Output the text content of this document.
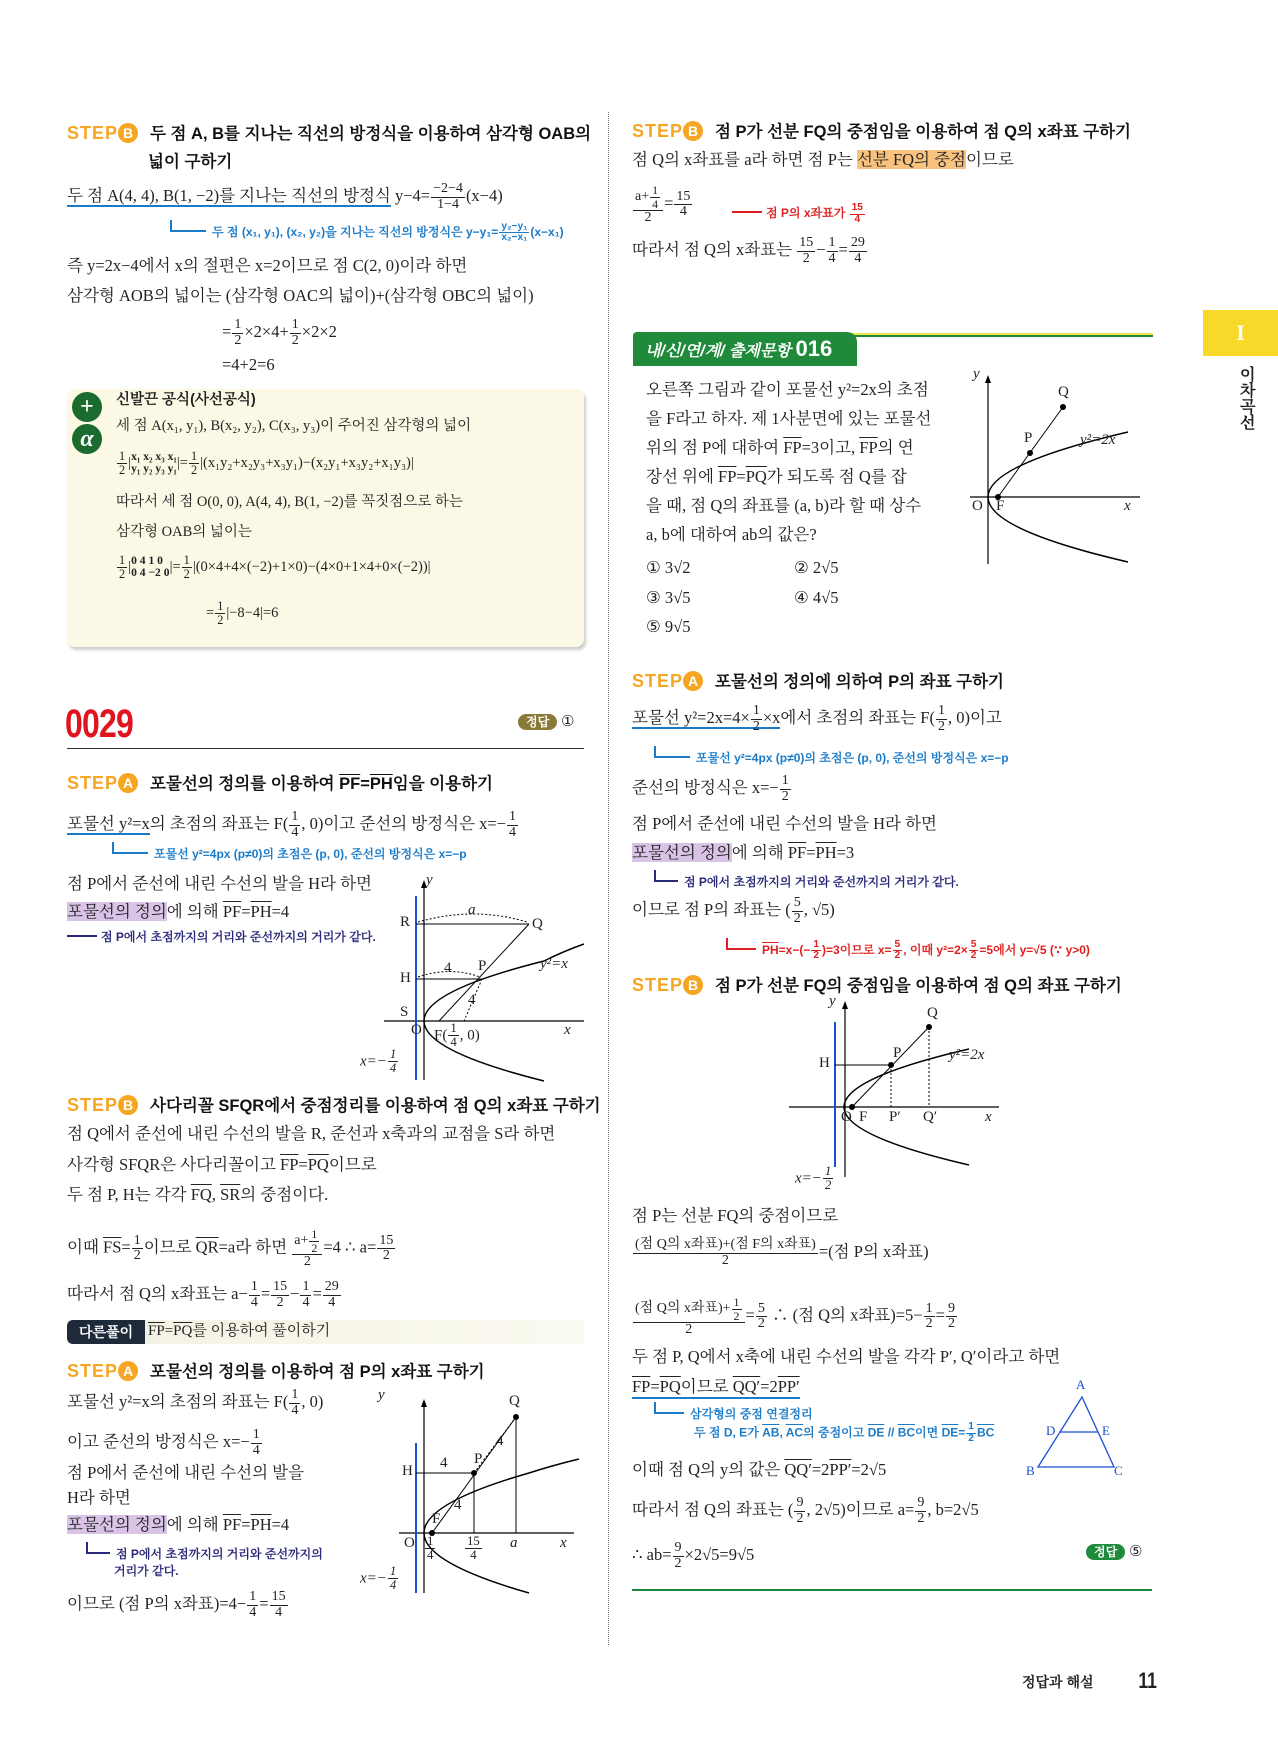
STEP B 두 점 A, B를 지나는 직선의 방정식을 이용하여 삼각형 OAB의
넓이 구하기
두 점 A(4, 4), B(1, −2)를 지나는 직선의 방정식 $y-4= \frac{-2-4}{1-4} (x-4)$
두 점 (x₁, y₁), (x₂, y₂)을 지나는 직선의 방정식은 $y-y_1= \frac{\text{y₂−y₁}}{\text{x₂−x₁}} (x-x_1)$
즉 y=2x−4에서 x의 절편은 x=2이므로 점 C(2, 0)이라 하면
삼각형 AOB의 넓이는 (삼각형 OAC의 넓이)+(삼각형 OBC의 넓이)
= $\frac{1}{2} \times 2\times 4+ \frac{1}{2} \times 2\times 2$
=4+2=6
+
α
신발끈 공식(사선공식)
세 점 A(x₁, y₁), B(x₂, y₂), C(x₃, y₃)이 주어진 삼각형의 넓이
$\frac{1}{2}$ | x₁ x₂ x₃ x₁
y₁ y₂ y₃ y₁ |= $\frac{1}{2} |(x_1y_2+x_2y_3+x_3y_1)-(x_2y_1+x_3y_2+x_1y_3)|$
따라서 세 점 O(0, 0), A(4, 4), B(1, −2)를 꼭짓점으로 하는
삼각형 OAB의 넓이는
$\frac{1}{2}$ | 0 4 1 0
0 4 −2 0 |= $\frac{1}{2} |(0\times 4+4\times(-2)+1\times 0)-(4\times 0+1\times 4+0\times(-2))|$
= $\frac{1}{2} |-8-4|=6$
0029	정답 ①
STEP A 포물선의 정의를 이용하여 $\overline{PF}=\overline{PH}$임을 이용하기
포물선 y²=x의 초점의 좌표는 $F( \frac{1}{4}$ , 0)이고 준선의 방정식은 $x=- \frac{1}{4}$
포물선 y²=4px (p≠0)의 초점은 (p, 0), 준선의 방정식은 x=−p
점 P에서 준선에 내린 수선의 발을 H라 하면
포물선의 정의에 의해 $\overline{PF}=\overline{PH}=4$
점 P에서 초점까지의 거리와 준선까지의 거리가 같다.
y
R
a
Q
H
4 P	y²=x
4
S
O $F( \frac{1}{4}$ , 0)	x
$x=- \frac{1}{4}$
STEP B 사다리꼴 SFQR에서 중점정리를 이용하여 점 Q의 x좌표 구하기
점 Q에서 준선에 내린 수선의 발을 R, 준선과 x축과의 교점을 S라 하면
사각형 SFQR은 사다리꼴이고 $\overline{FP}=\overline{PQ}$이므로
두 점 P, H는 각각 $\overline{FQ}$, $\overline{SR}$의 중점이다.
이때 $\overline{FS}= \frac{1}{2}$ 이므로 $\overline{QR}=a$라 하면 $\frac{a+ \frac{1}{2}}{2} =4$ ∴ $a= \frac{15}{2}$
따라서 점 Q의 x좌표는 $a- \frac{1}{4} = \frac{15}{2} - \frac{1}{4} = \frac{29}{4}$
다른풀이 $\overline{FP}=\overline{PQ}$를 이용하여 풀이하기
STEP A 포물선의 정의를 이용하여 점 P의 x좌표 구하기
포물선 y²=x의 초점의 좌표는 $F( \frac{1}{4}$ , 0)
이고 준선의 방정식은 $x=- \frac{1}{4}$
점 P에서 준선에 내린 수선의 발을
H라 하면
포물선의 정의에 의해 $\overline{PF}=\overline{PH}=4$
점 P에서 초점까지의 거리와 준선까지의
거리가 같다.
이므로 (점 P의 x좌표)$=4- \frac{1}{4} = \frac{15}{4}$
y	Q
H 4 P
4
4
O
F
$\frac{1}{4} \frac{15}{4}$ a	x
$x=- \frac{1}{4}$
STEP B 점 P가 선분 FQ의 중점임을 이용하여 점 Q의 x좌표 구하기
점 Q의 x좌표를 a라 하면 점 P는 선분 FQ의 중점이므로
$\frac{a+ \frac{1}{4}}{2} = \frac{15}{4}$	점 P의 x좌표가 $\frac{15}{4}$
따라서 점 Q의 x좌표는 $\frac{15}{2} - \frac{1}{4} = \frac{29}{4}$
내/신/연/계/ 출제문항 016
오른쪽 그림과 같이 포물선 y²=2x의 초점
을 F라고 하자. 제 1사분면에 있는 포물선
위의 점 P에 대하여 $\overline{FP}=3$이고, $\overline{FP}$의 연
장선 위에 $\overline{FP}=\overline{PQ}$가 되도록 점 Q를 잡
을 때, 점 Q의 좌표를 (a, b)라 할 때 상수
a, b에 대하여 ab의 값은?
① 3√2	② 2√5
③ 3√5	④ 4√5
⑤ 9√5
y
Q
P	y²=2x
O F	x
STEP A 포물선의 정의에 의하여 P의 좌표 구하기
포물선 $y^2=2x=4\times \frac{1}{2} \times x$에서 초점의 좌표는 $F( \frac{1}{2}$ , 0)이고
포물선 y²=4px (p≠0)의 초점은 (p, 0), 준선의 방정식은 x=−p
준선의 방정식은 $x=- \frac{1}{2}$
점 P에서 준선에 내린 수선의 발을 H라 하면
포물선의 정의에 의해 $\overline{PF}=\overline{PH}=3$
점 P에서 초점까지의 거리와 준선까지의 거리가 같다.
이므로 점 P의 좌표는 ( $\frac{5}{2}$ , √5)
$\overline{PH}=x-(- \frac{1}{2} )=3$이므로 $x= \frac{5}{2}$ , 이때 $y^2=2\times \frac{5}{2} =5$에서 y=√5 (∵ y>0)
STEP B 점 P가 선분 FQ의 중점임을 이용하여 점 Q의 좌표 구하기
y
Q
P	y²=2x
H
O F P′ Q′	x
$x=- \frac{1}{2}$
점 P는 선분 FQ의 중점이므로
(점 Q의 x좌표)+(점 F의 x좌표)
2	=(점 P의 x좌표)
(점 Q의 x좌표)+ $\frac{1}{2}$
2
= $\frac{5}{2}$ ∴ (점 Q의 x좌표)$=5- \frac{1}{2} = \frac{9}{2}$
두 점 P, Q에서 x축에 내린 수선의 발을 각각 P′, Q′이라고 하면
$\overline{FP}=\overline{PQ}$이므로 QQ′=2PP′
삼각형의 중점 연결정리
두 점 D, E가 $\overline{AB}$, $\overline{AC}$의 중점이고 $\overline{DE} // \overline{BC}$이면 $\overline{DE}= \frac{1}{2} \overline{BC}$
A
D	E
B	C
이때 점 Q의 y의 값은 QQ′=2PP′=2√5
따라서 점 Q의 좌표는 ( $\frac{9}{2}$ , 2√5)이므로 $a= \frac{9}{2}$ , b=2√5
∴ $ab= \frac{9}{2} \times 2√5=9√5$	정답 ⑤
정답과 해설 11
I
이차곡선
